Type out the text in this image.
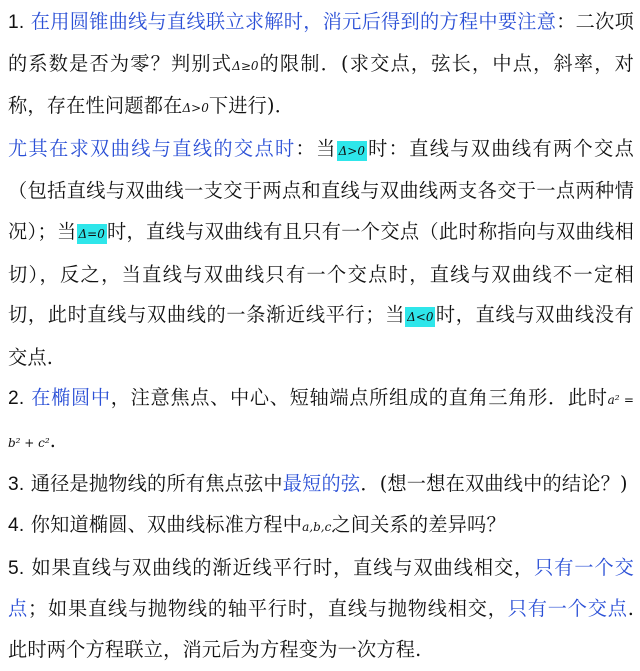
1. 在用圆锥曲线与直线联立求解时，消元后得到的方程中要注意：二次项的系数是否为零？判别式Δ≥0的限制．(求交点，弦长，中点，斜率，对称，存在性问题都在Δ>0下进行)．

尤其在求双曲线与直线的交点时：当 Δ>0 时：直线与双曲线有两个交点（包括直线与双曲线一支交于两点和直线与双曲线两支各交于一点两种情况）；当 Δ=0 时，直线与双曲线有且只有一个交点（此时称指向与双曲线相切），反之，当直线与双曲线只有一个交点时，直线与双曲线不一定相切，此时直线与双曲线的一条渐近线平行；当 Δ<0 时，直线与双曲线没有交点.

2. 在椭圆中，注意焦点、中心、短轴端点所组成的直角三角形．此时a² = b² + c².

3. 通径是抛物线的所有焦点弦中最短的弦．(想一想在双曲线中的结论？)

4. 你知道椭圆、双曲线标准方程中a,b,c之间关系的差异吗？

5. 如果直线与双曲线的渐近线平行时，直线与双曲线相交，只有一个交点；如果直线与抛物线的轴平行时，直线与抛物线相交，只有一个交点.此时两个方程联立，消元后为方程变为一次方程.
